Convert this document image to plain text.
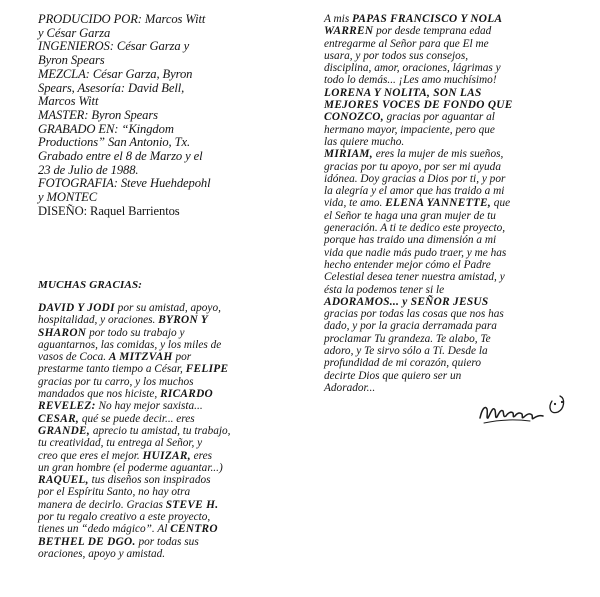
PRODUCIDO POR: Marcos Witt
y César Garza
INGENIEROS: César Garza y
Byron Spears
MEZCLA: César Garza, Byron
Spears, Asesoría: David Bell,
Marcos Witt
MASTER: Byron Spears
GRABADO EN: “Kingdom
Productions” San Antonio, Tx.
Grabado entre el 8 de Marzo y el
23 de Julio de 1988.
FOTOGRAFIA: Steve Huehdepohl
y MONTEC
DISEÑO: Raquel Barrientos
MUCHAS GRACIAS:
DAVID Y JODI por su amistad, apoyo,
hospitalidad, y oraciones. BYRON Y
SHARON por todo su trabajo y
aguantarnos, las comidas, y los miles de
vasos de Coca. A MITZVAH por
prestarme tanto tiempo a César, FELIPE
gracias por tu carro, y los muchos
mandados que nos hiciste, RICARDO
REVELEZ: No hay mejor saxista...
CESAR, qué se puede decir... eres
GRANDE, aprecio tu amistad, tu trabajo,
tu creatividad, tu entrega al Señor, y
creo que eres el mejor. HUIZAR, eres
un gran hombre (el poderme aguantar...)
RAQUEL, tus diseños son inspirados
por el Espíritu Santo, no hay otra
manera de decirlo. Gracias STEVE H.
por tu regalo creativo a este proyecto,
tienes un “dedo mágico”. Al CENTRO
BETHEL DE DGO. por todas sus
oraciones, apoyo y amistad.
A mis PAPAS FRANCISCO Y NOLA
WARREN por desde temprana edad
entregarme al Señor para que El me
usara, y por todos sus consejos,
disciplina, amor, oraciones, lágrimas y
todo lo demás... ¡Les amo muchísimo!
LORENA Y NOLITA, SON LAS
MEJORES VOCES DE FONDO QUE
CONOZCO, gracias por aguantar al
hermano mayor, impaciente, pero que
las quiere mucho.
MIRIAM, eres la mujer de mis sueños,
gracias por tu apoyo, por ser mi ayuda
idónea. Doy gracias a Dios por ti, y por
la alegría y el amor que has traido a mi
vida, te amo. ELENA YANNETTE, que
el Señor te haga una gran mujer de tu
generación. A ti te dedico este proyecto,
porque has traido una dimensión a mi
vida que nadie más pudo traer, y me has
hecho entender mejor cómo el Padre
Celestial desea tener nuestra amistad, y
ésta la podemos tener si le
ADORAMOS... y SEÑOR JESUS
gracias por todas las cosas que nos has
dado, y por la gracia derramada para
proclamar Tu grandeza. Te alabo, Te
adoro, y Te sirvo sólo a Tí. Desde la
profundidad de mi corazón, quiero
decirte Dios que quiero ser un
Adorador...
